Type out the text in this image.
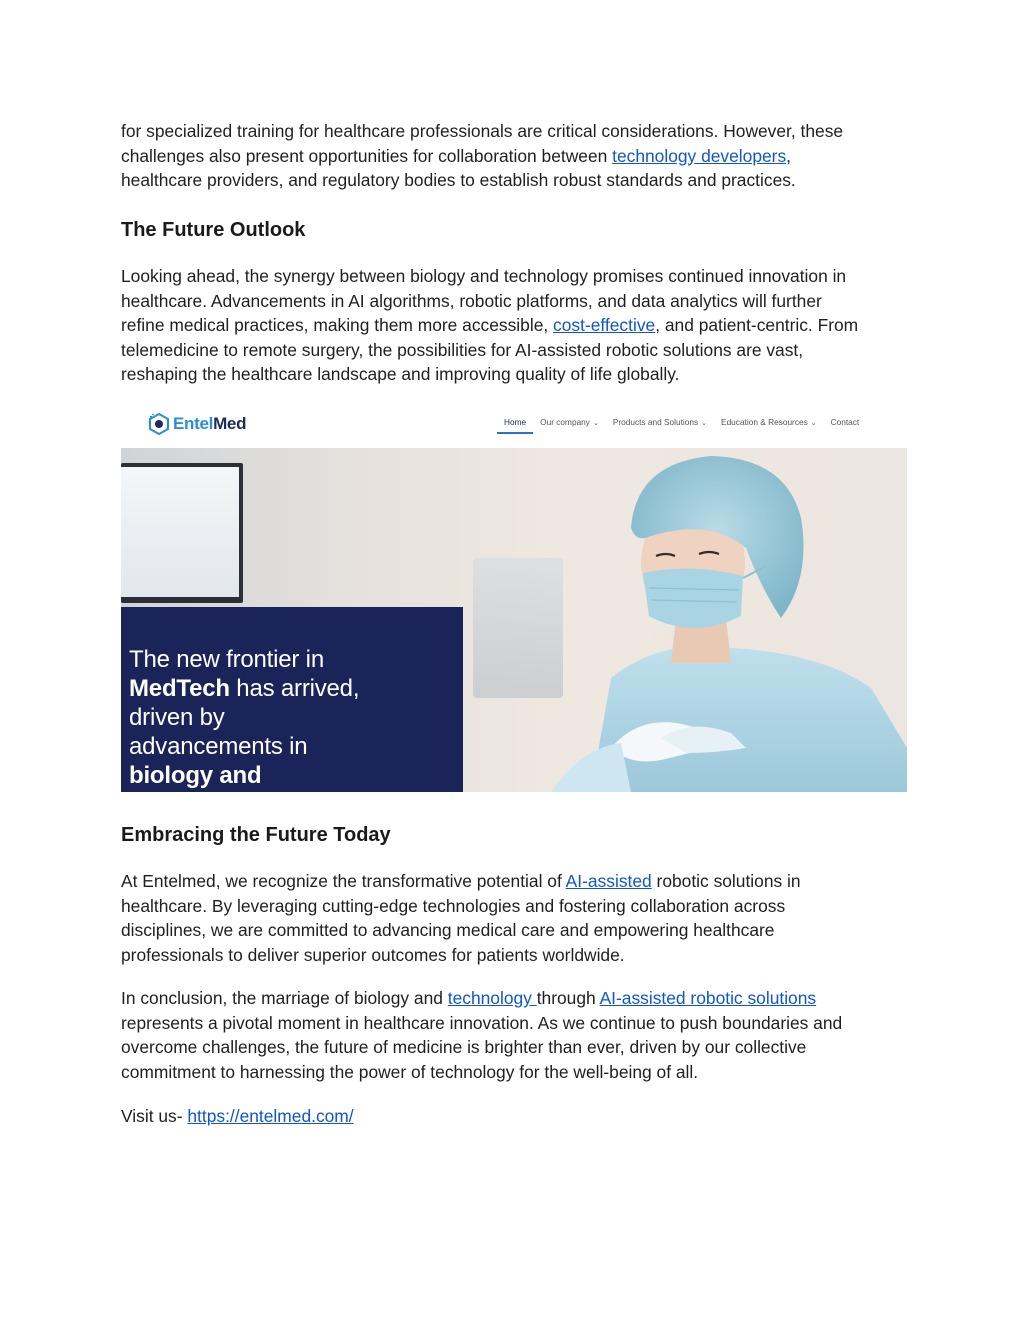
for specialized training for healthcare professionals are critical considerations. However, these
challenges also present opportunities for collaboration between technology developers,
healthcare providers, and regulatory bodies to establish robust standards and practices.

The Future Outlook

Looking ahead, the synergy between biology and technology promises continued innovation in
healthcare. Advancements in AI algorithms, robotic platforms, and data analytics will further
refine medical practices, making them more accessible, cost-effective, and patient-centric. From
telemedicine to remote surgery, the possibilities for AI-assisted robotic solutions are vast,
reshaping the healthcare landscape and improving quality of life globally.

EntelMed	Home Our company ⌄ Products and Solutions ⌄ Education & Resources ⌄ Contact
The new frontier in
MedTech has arrived,
driven by
advancements in
biology and
Embracing the Future Today

At Entelmed, we recognize the transformative potential of AI-assisted robotic solutions in
healthcare. By leveraging cutting-edge technologies and fostering collaboration across
disciplines, we are committed to advancing medical care and empowering healthcare
professionals to deliver superior outcomes for patients worldwide.

In conclusion, the marriage of biology and technology through AI-assisted robotic solutions
represents a pivotal moment in healthcare innovation. As we continue to push boundaries and
overcome challenges, the future of medicine is brighter than ever, driven by our collective
commitment to harnessing the power of technology for the well-being of all.

Visit us- https://entelmed.com/
